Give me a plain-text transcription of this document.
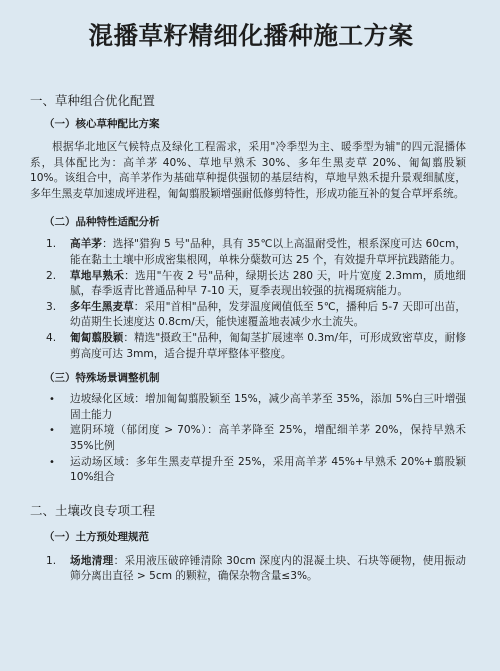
混播草籽精细化播种施工方案
一、草种组合优化配置
（一）核心草种配比方案

根据华北地区气候特点及绿化工程需求，采用"冷季型为主、暖季型为辅"的四元混播体系，具体配比为：高羊茅 40%、草地早熟禾 30%、多年生黑麦草 20%、匍匐翦股颖 10%。该组合中，高羊茅作为基础草种提供强韧的基层结构，草地早熟禾提升景观细腻度，多年生黑麦草加速成坪进程，匍匐翦股颖增强耐低修剪特性，形成功能互补的复合草坪系统。

（二）品种特性适配分析
1. 高羊茅：选择"猎狗 5 号"品种，具有 35℃以上高温耐受性，根系深度可达 60cm，能在黏土土壤中形成密集根网，单株分蘖数可达 25 个，有效提升草坪抗践踏能力。
2. 草地早熟禾：选用"午夜 2 号"品种，绿期长达 280 天，叶片宽度 2.3mm，质地细腻，春季返青比普通品种早 7-10 天，夏季表现出较强的抗褐斑病能力。
3. 多年生黑麦草：采用"首相"品种，发芽温度阈值低至 5℃，播种后 5-7 天即可出苗，幼苗期生长速度达 0.8cm/天，能快速覆盖地表减少水土流失。
4. 匍匐翦股颖：精选"摄政王"品种，匍匐茎扩展速率 0.3m/年，可形成致密草皮，耐修剪高度可达 3mm，适合提升草坪整体平整度。
（三）特殊场景调整机制
• 边坡绿化区域：增加匍匐翦股颖至 15%，减少高羊茅至 35%，添加 5%白三叶增强固土能力
• 遮阴环境（郁闭度 > 70%）：高羊茅降至 25%，增配细羊茅 20%，保持早熟禾 35%比例
• 运动场区域：多年生黑麦草提升至 25%，采用高羊茅 45%+早熟禾 20%+翦股颖 10%组合
二、土壤改良专项工程
（一）土方预处理规范
1. 场地清理：采用液压破碎锤清除 30cm 深度内的混凝土块、石块等硬物，使用振动筛分离出直径 > 5cm 的颗粒，确保杂物含量≤3%。
